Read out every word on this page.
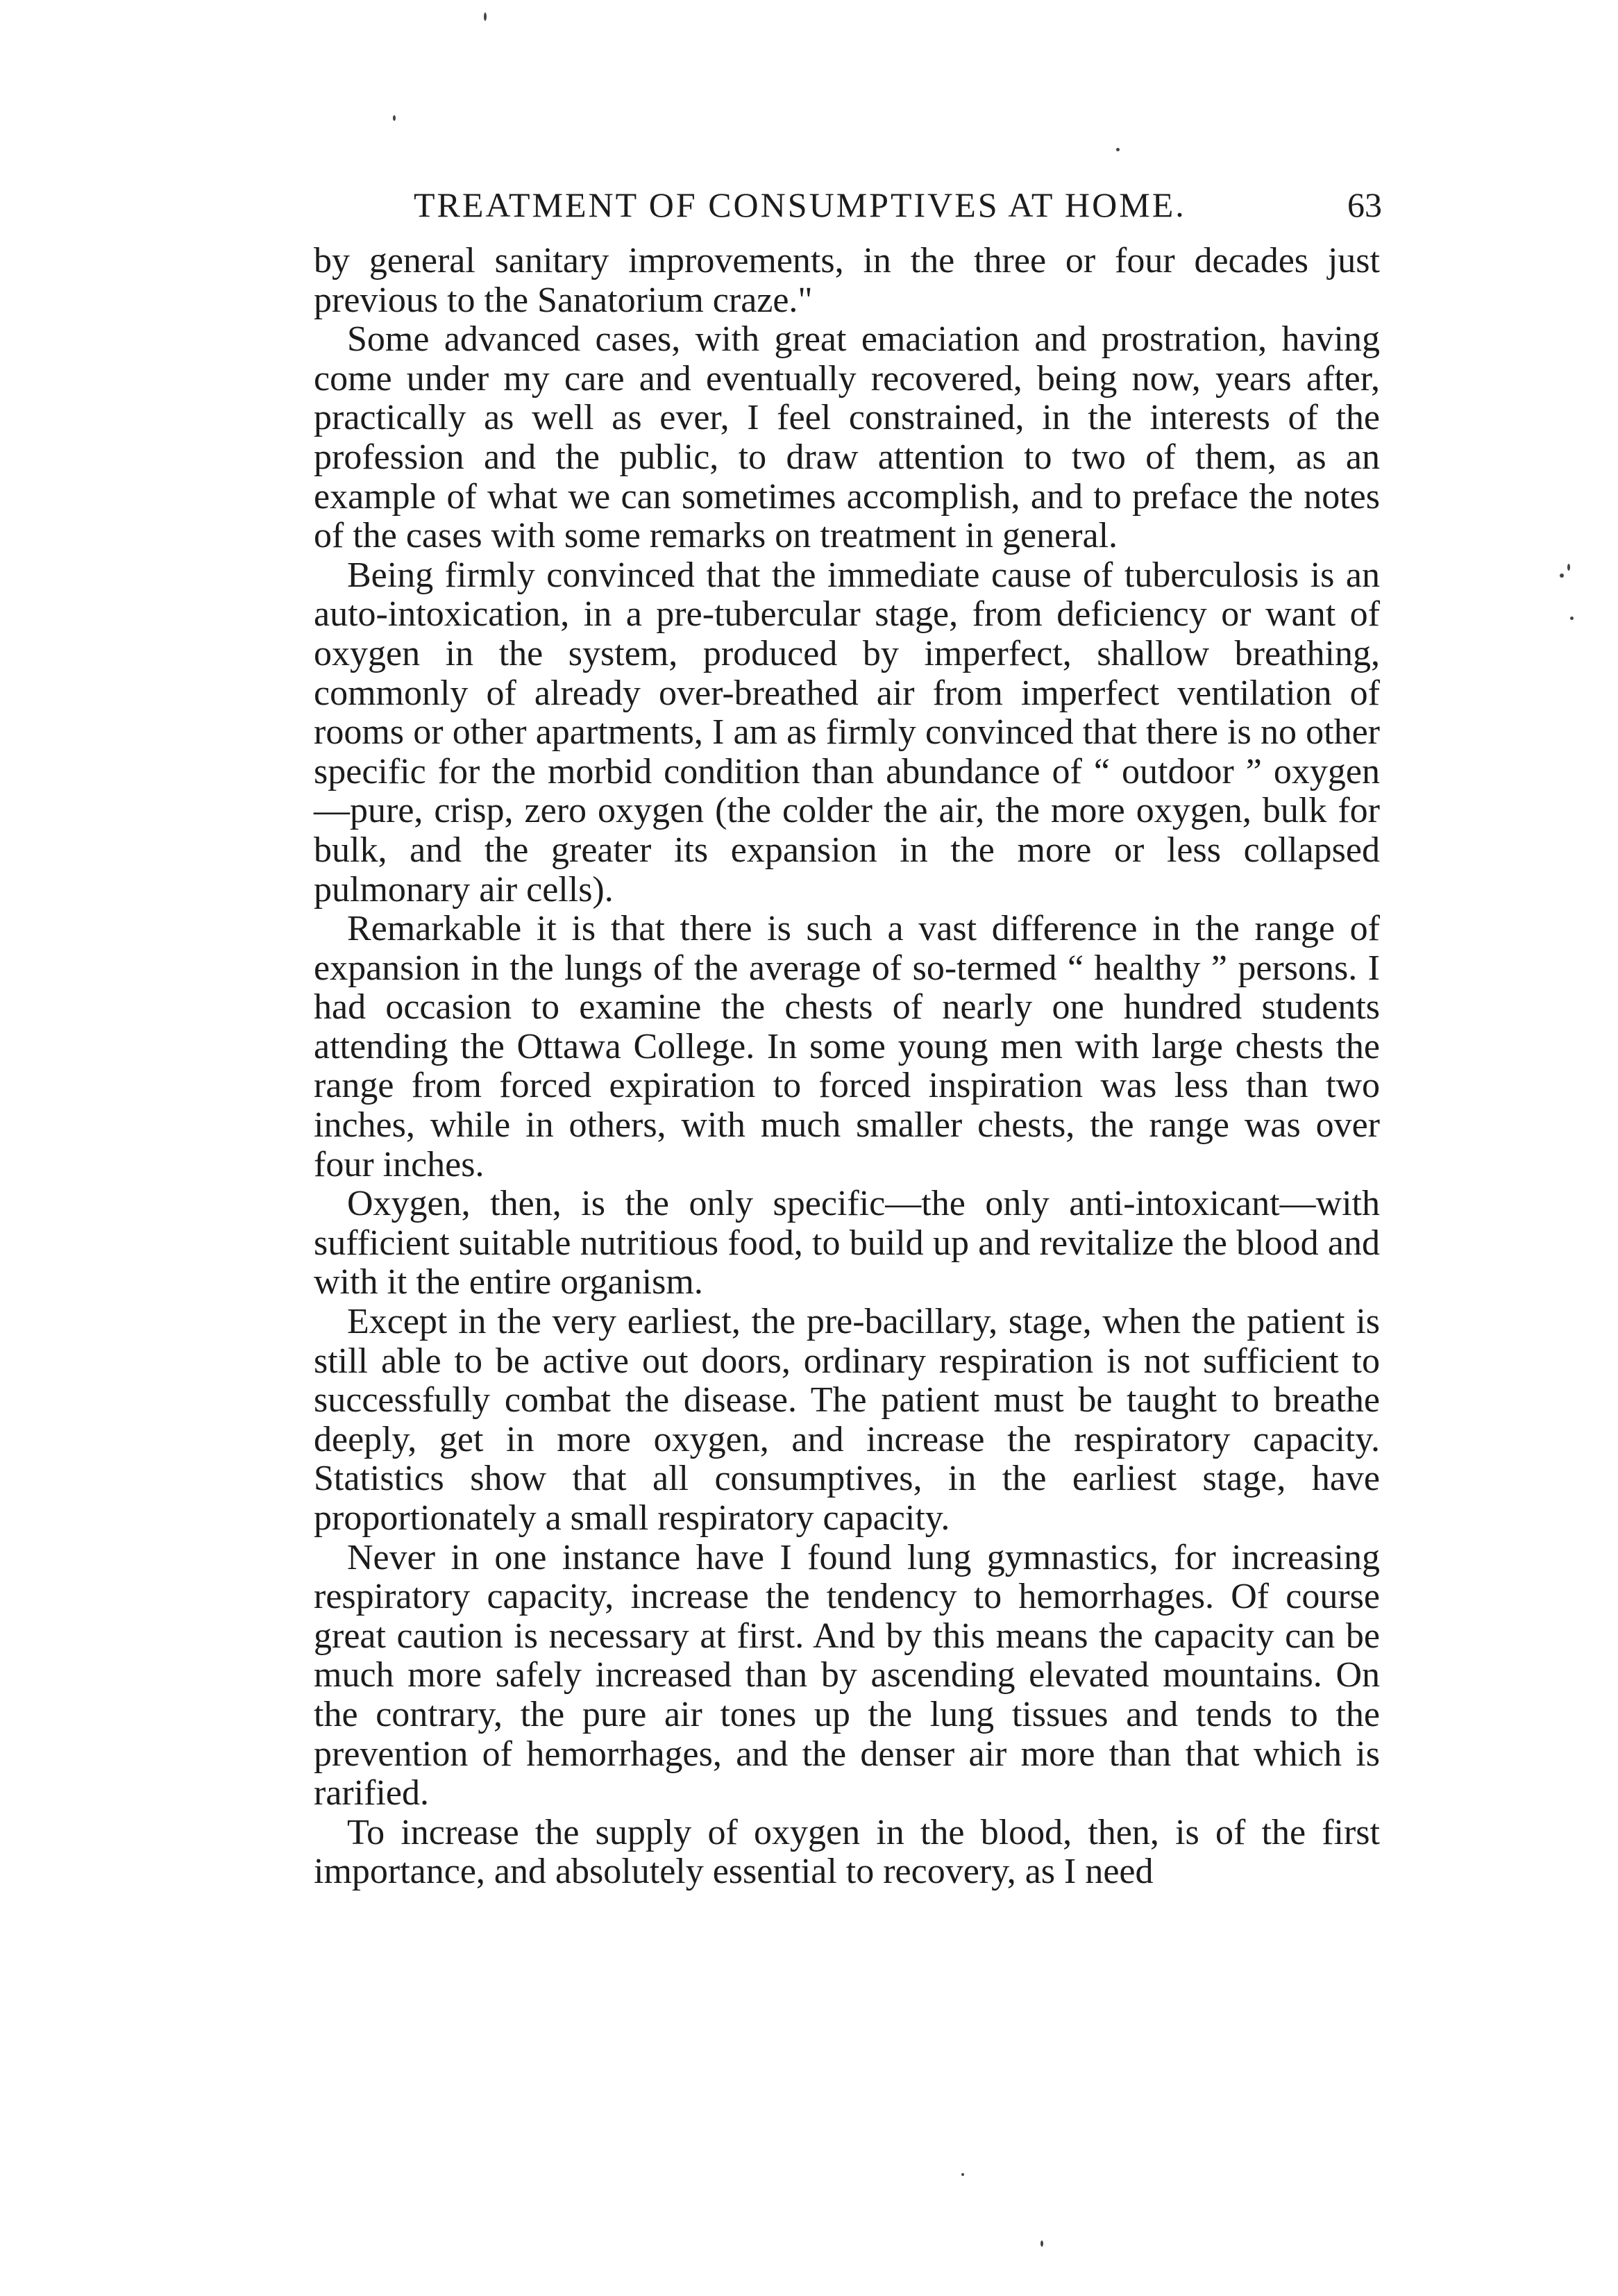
TREATMENT OF CONSUMPTIVES AT HOME.	63

by general sanitary improvements, in the three or four decades just previous to the Sanatorium craze."

Some advanced cases, with great emaciation and prostration, having come under my care and eventually recovered, being now, years after, practically as well as ever, I feel constrained, in the interests of the profession and the public, to draw attention to two of them, as an example of what we can sometimes accomplish, and to preface the notes of the cases with some remarks on treatment in general.

Being firmly convinced that the immediate cause of tuberculosis is an auto-intoxication, in a pre-tubercular stage, from deficiency or want of oxygen in the system, produced by imperfect, shallow breathing, commonly of already over-breathed air from imperfect ventilation of rooms or other apartments, I am as firmly convinced that there is no other specific for the morbid condition than abundance of “ outdoor ” oxygen—pure, crisp, zero oxygen (the colder the air, the more oxygen, bulk for bulk, and the greater its expansion in the more or less collapsed pulmonary air cells).

Remarkable it is that there is such a vast difference in the range of expansion in the lungs of the average of so-termed “ healthy ” persons. I had occasion to examine the chests of nearly one hundred students attending the Ottawa College. In some young men with large chests the range from forced expiration to forced inspiration was less than two inches, while in others, with much smaller chests, the range was over four inches.

Oxygen, then, is the only specific—the only anti-intoxicant—with sufficient suitable nutritious food, to build up and revitalize the blood and with it the entire organism.

Except in the very earliest, the pre-bacillary, stage, when the patient is still able to be active out doors, ordinary respiration is not sufficient to successfully combat the disease. The patient must be taught to breathe deeply, get in more oxygen, and increase the respiratory capacity. Statistics show that all consumptives, in the earliest stage, have proportionately a small respiratory capacity.

Never in one instance have I found lung gymnastics, for increasing respiratory capacity, increase the tendency to hemorrhages. Of course great caution is necessary at first. And by this means the capacity can be much more safely increased than by ascending elevated mountains. On the contrary, the pure air tones up the lung tissues and tends to the prevention of hemorrhages, and the denser air more than that which is rarified.

To increase the supply of oxygen in the blood, then, is of the first importance, and absolutely essential to recovery, as I need
